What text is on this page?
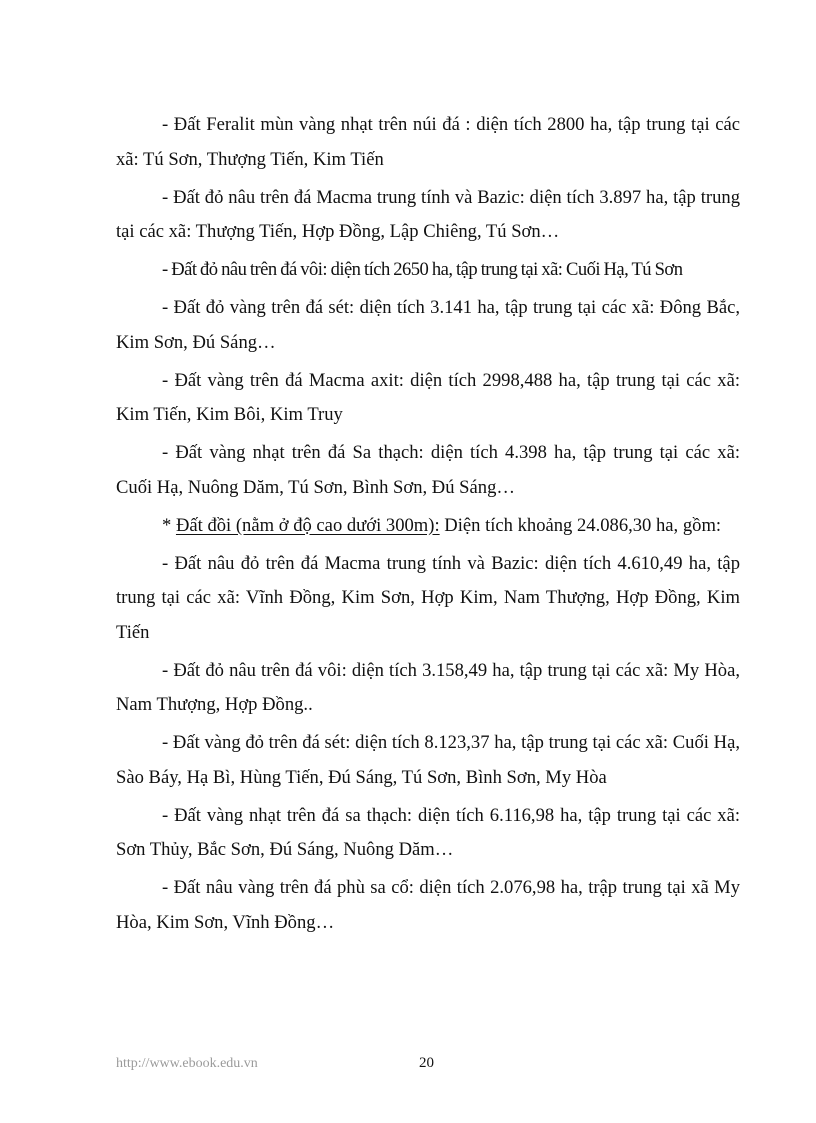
- Đất Feralit mùn vàng nhạt trên núi đá : diện tích 2800 ha, tập trung tại các xã: Tú Sơn, Thượng Tiến, Kim Tiến

- Đất đỏ nâu trên đá Macma trung tính và Bazic: diện tích 3.897 ha, tập trung tại các xã: Thượng Tiến, Hợp Đồng, Lập Chiêng, Tú Sơn…

- Đất đỏ nâu trên đá vôi: diện tích 2650 ha, tập trung tại xã: Cuối Hạ, Tú Sơn

- Đất đỏ vàng trên đá sét: diện tích 3.141 ha, tập trung tại các xã: Đông Bắc, Kim Sơn, Đú Sáng…

- Đất vàng trên đá Macma axit: diện tích 2998,488 ha, tập trung tại các xã: Kim Tiến, Kim Bôi, Kim Truy

- Đất vàng nhạt trên đá Sa thạch: diện tích 4.398 ha, tập trung tại các xã: Cuối Hạ, Nuông Dăm, Tú Sơn, Bình Sơn, Đú Sáng…

* Đất đồi (nằm ở độ cao dưới 300m): Diện tích khoảng 24.086,30 ha, gồm:

- Đất nâu đỏ trên đá Macma trung tính và Bazic: diện tích 4.610,49 ha, tập trung tại các xã: Vĩnh Đồng, Kim Sơn, Hợp Kim, Nam Thượng, Hợp Đồng, Kim Tiến

- Đất đỏ nâu trên đá vôi: diện tích 3.158,49 ha, tập trung tại các xã: My Hòa, Nam Thượng, Hợp Đồng..

- Đất vàng đỏ trên đá sét: diện tích 8.123,37 ha, tập trung tại các xã: Cuối Hạ, Sào Báy, Hạ Bì, Hùng Tiến, Đú Sáng, Tú Sơn, Bình Sơn, My Hòa

- Đất vàng nhạt trên đá sa thạch: diện tích 6.116,98 ha, tập trung tại các xã: Sơn Thủy, Bắc Sơn, Đú Sáng, Nuông Dăm…

- Đất nâu vàng trên đá phù sa cổ: diện tích 2.076,98 ha, trập trung tại xã My Hòa, Kim Sơn, Vĩnh Đồng…

http://www.ebook.edu.vn	20
